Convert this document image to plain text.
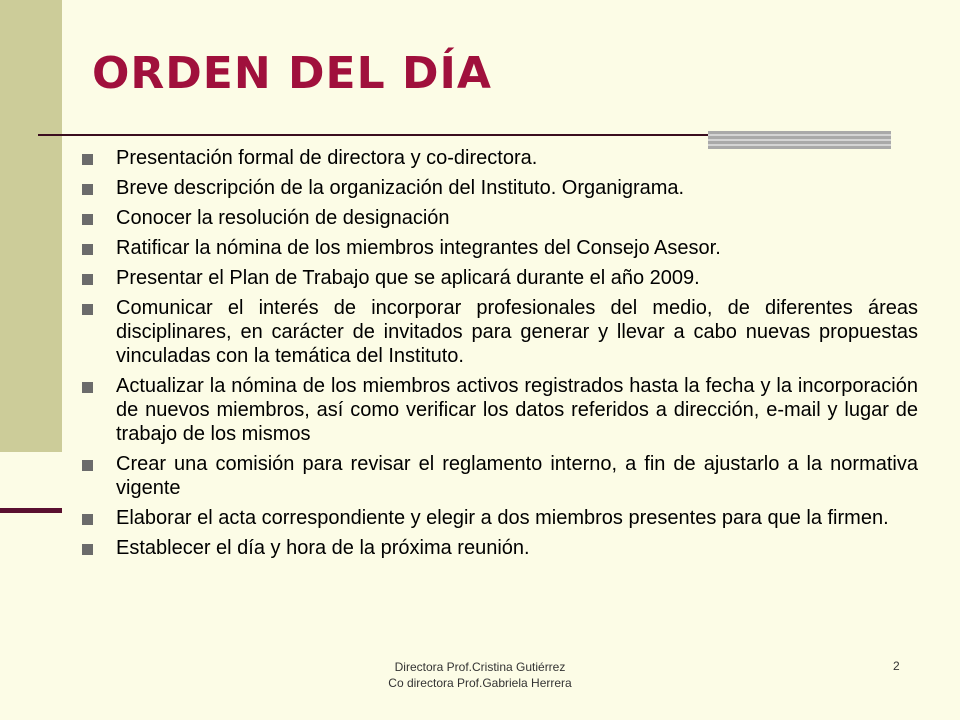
ORDEN DEL DÍA
Presentación formal de directora y co-directora.
Breve descripción de la organización del Instituto. Organigrama.
Conocer la resolución de designación
Ratificar la nómina de los miembros integrantes del Consejo Asesor.
Presentar el Plan de Trabajo que se aplicará durante el año 2009.
Comunicar el interés de incorporar profesionales del medio, de diferentes áreas disciplinares, en carácter de invitados para generar y llevar a cabo nuevas propuestas vinculadas con la temática del Instituto.
Actualizar la nómina de los miembros activos registrados hasta la fecha y la incorporación de nuevos miembros, así como verificar los datos referidos a dirección, e-mail y lugar de trabajo de los mismos
Crear una comisión para revisar el reglamento interno, a fin de ajustarlo a la normativa vigente
Elaborar el acta correspondiente y elegir a dos miembros presentes para que la firmen.
Establecer el día y hora de la próxima reunión.
Directora Prof.Cristina Gutiérrez
Co directora Prof.Gabriela Herrera
2
